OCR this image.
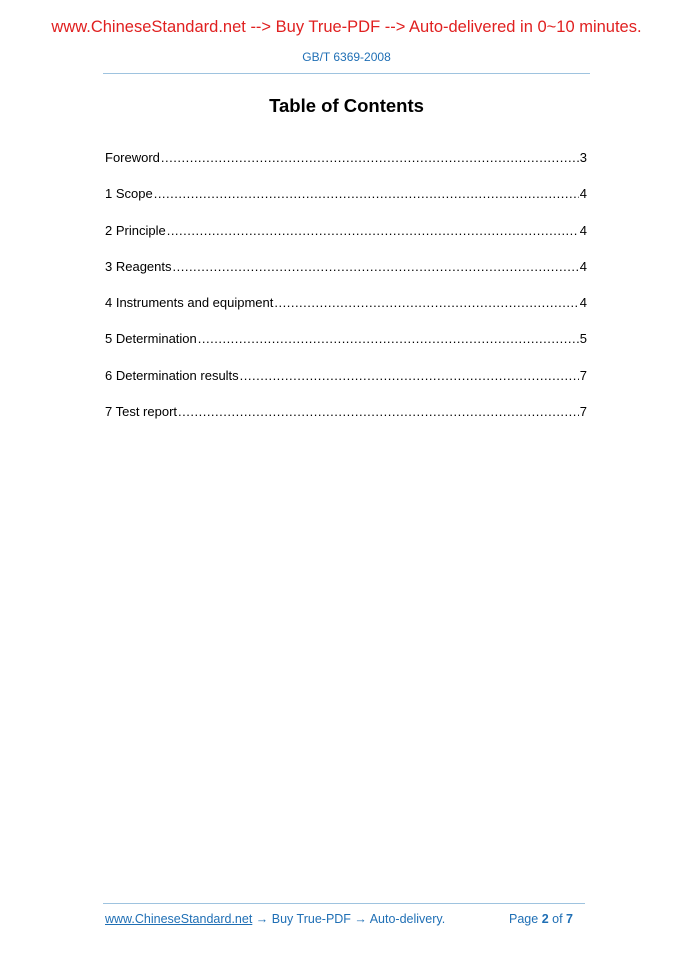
www.ChineseStandard.net --> Buy True-PDF --> Auto-delivered in 0~10 minutes.
GB/T 6369-2008
Table of Contents
Foreword .....	3
1 Scope .....	4
2 Principle .....	4
3 Reagents .....	4
4 Instruments and equipment .....	4
5 Determination .....	5
6 Determination results .....	7
7 Test report .....	7
www.ChineseStandard.net → Buy True-PDF → Auto-delivery.	Page 2 of 7
